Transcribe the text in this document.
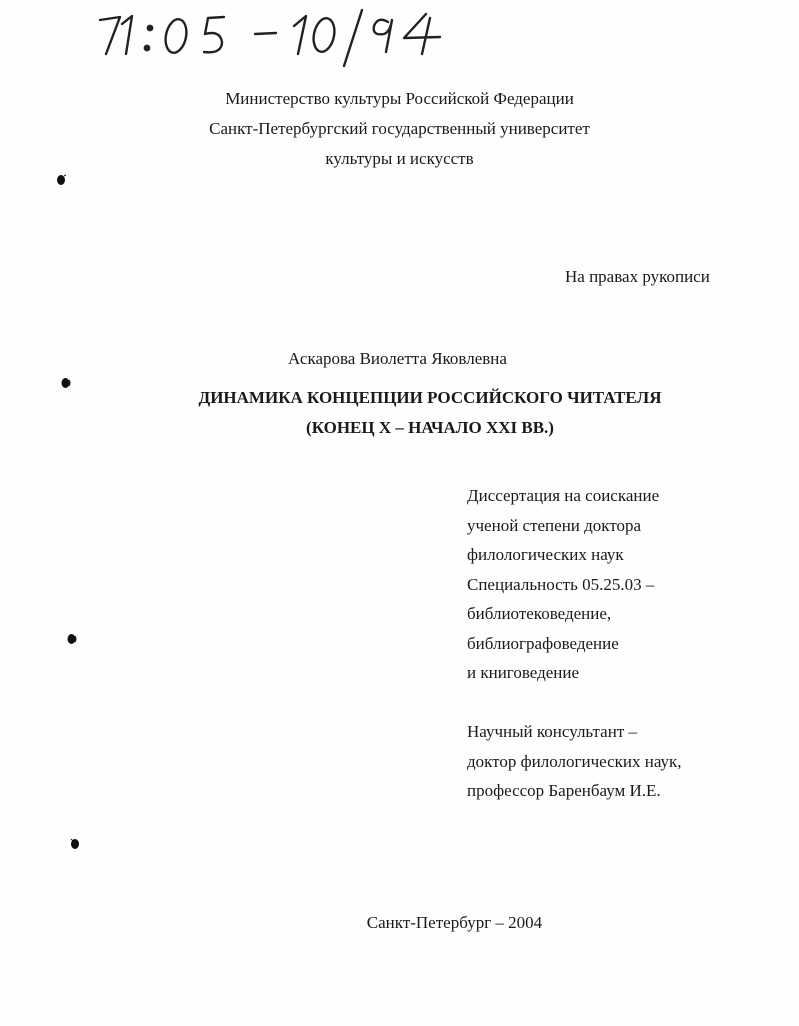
Министерство культуры Российской Федерации
Санкт-Петербургский государственный университет
культуры и искусств
На правах рукописи
Аскарова Виолетта Яковлевна
ДИНАМИКА КОНЦЕПЦИИ РОССИЙСКОГО ЧИТАТЕЛЯ
(КОНЕЦ X – НАЧАЛО XXI ВВ.)
Диссертация на соискание
ученой степени доктора
филологических наук
Специальность 05.25.03 –
библиотековедение,
библиографоведение
и книговедение
Научный консультант –
доктор филологических наук,
профессор Баренбаум И.Е.
Санкт-Петербург – 2004
